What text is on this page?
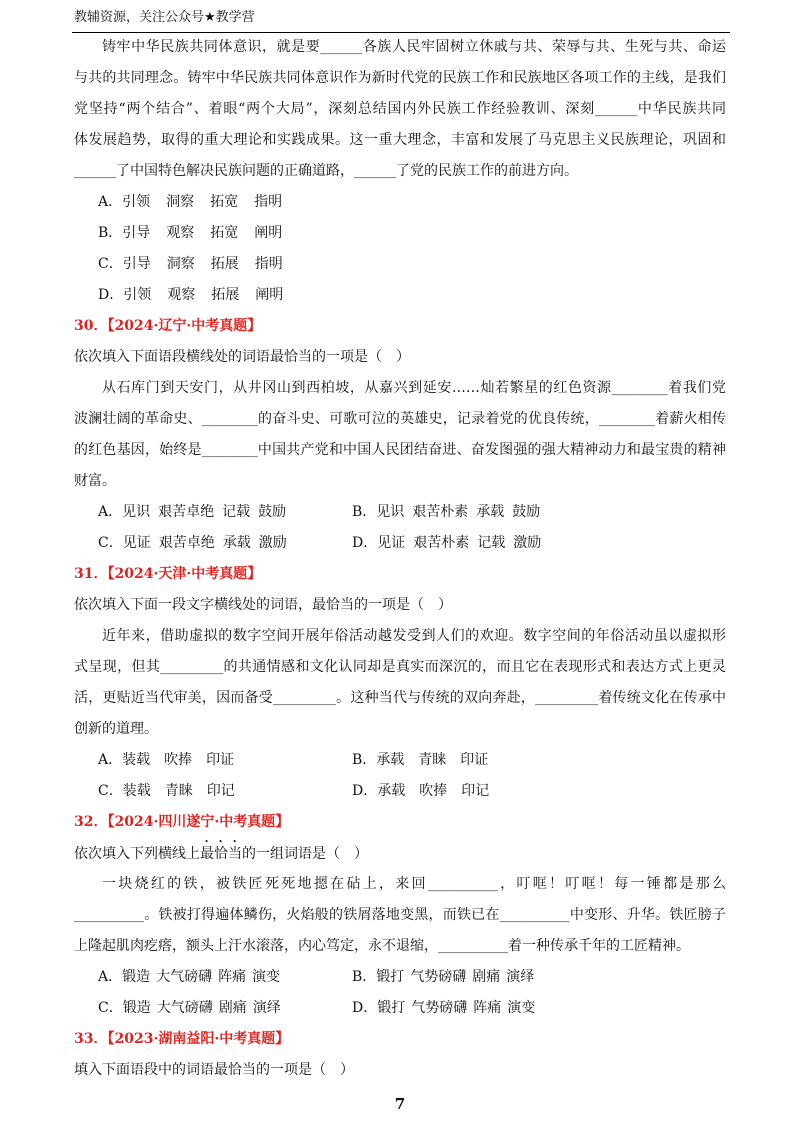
教辅资源，关注公众号★教学营
铸牢中华民族共同体意识，就是要______各族人民牢固树立休戚与共、荣辱与共、生死与共、命运
与共的共同理念。铸牢中华民族共同体意识作为新时代党的民族工作和民族地区各项工作的主线，是我们
党坚持“两个结合”、着眼“两个大局”，深刻总结国内外民族工作经验教训、深刻______中华民族共同
体发展趋势，取得的重大理论和实践成果。这一重大理念，丰富和发展了马克思主义民族理论，巩固和
______了中国特色解决民族问题的正确道路，______了党的民族工作的前进方向。
A．引领 洞察 拓宽 指明
B．引导 观察 拓宽 阐明
C．引导 洞察 拓展 指明
D．引领 观察 拓展 阐明
30．【2024·辽宁·中考真题】
依次填入下面语段横线处的词语最恰当的一项是（　）
从石库门到天安门，从井冈山到西柏坡，从嘉兴到延安……灿若繁星的红色资源________着我们党
波澜壮阔的革命史、________的奋斗史、可歌可泣的英雄史，记录着党的优良传统，________着薪火相传
的红色基因，始终是________中国共产党和中国人民团结奋进、奋发图强的强大精神动力和最宝贵的精神
财富。
A．见识 艰苦卓绝 记载 鼓励	B．见识 艰苦朴素 承载 鼓励
C．见证 艰苦卓绝 承载 激励	D．见证 艰苦朴素 记载 激励
31．【2024·天津·中考真题】
依次填入下面一段文字横线处的词语，最恰当的一项是（　）
近年来，借助虚拟的数字空间开展年俗活动越发受到人们的欢迎。数字空间的年俗活动虽以虚拟形
式呈现，但其_________的共通情感和文化认同却是真实而深沉的，而且它在表现形式和表达方式上更灵
活，更贴近当代审美，因而备受_________。这种当代与传统的双向奔赴，_________着传统文化在传承中
创新的道理。
A．装载 吹捧 印证	B．承载 青睐 印证
C．装载 青睐 印记	D．承载 吹捧 印记
32．【2024·四川遂宁·中考真题】
依次填入下列横线上最恰当的一组词语是（　）
一块烧红的铁，被铁匠死死地摁在砧上，来回__________，叮哐！叮哐！每一锤都是那么
__________。铁被打得遍体鳞伤，火焰般的铁屑落地变黑，而铁已在__________中变形、升华。铁匠膀子
上隆起肌肉疙瘩，额头上汗水滚落，内心笃定，永不退缩，__________着一种传承千年的工匠精神。
A．锻造 大气磅礴 阵痛 演变	B．锻打 气势磅礴 剧痛 演绎
C．锻造 大气磅礴 剧痛 演绎	D．锻打 气势磅礴 阵痛 演变
33．【2023·湖南益阳·中考真题】
填入下面语段中的词语最恰当的一项是（　）
7
